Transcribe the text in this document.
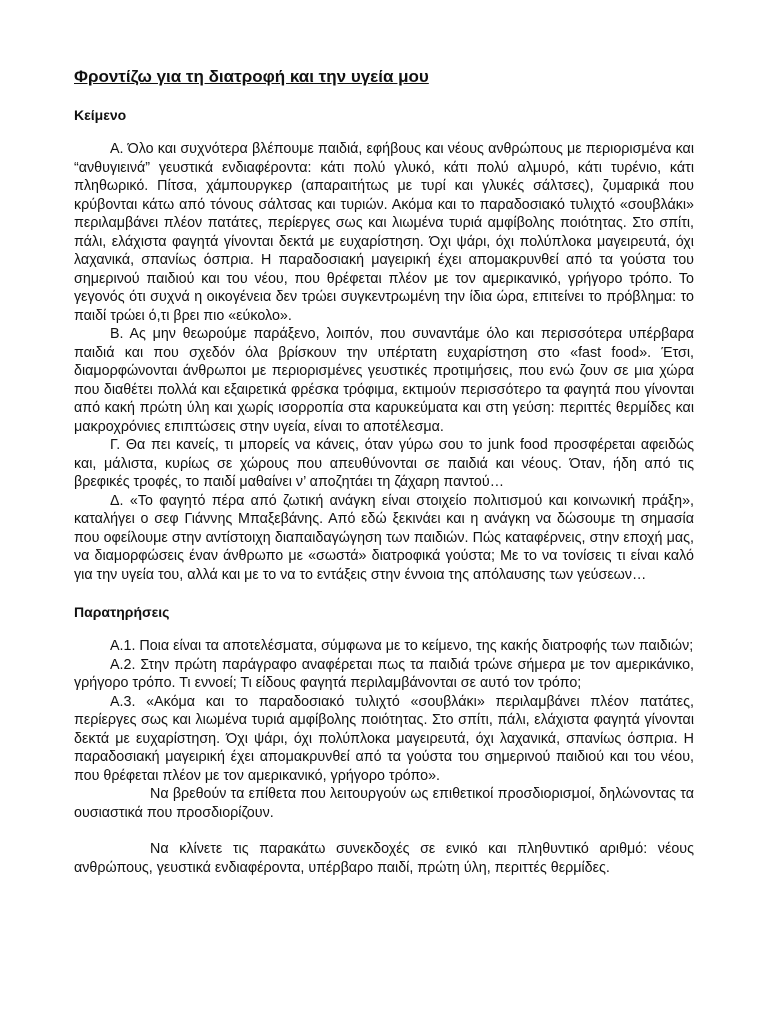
Φροντίζω για τη διατροφή και την υγεία μου
Κείμενο

Α. Όλο και συχνότερα βλέπουμε παιδιά, εφήβους και νέους ανθρώπους με περιορισμένα και “ανθυγιεινά” γευστικά ενδιαφέροντα: κάτι πολύ γλυκό, κάτι πολύ αλμυρό, κάτι τυρένιο, κάτι πληθωρικό. Πίτσα, χάμπουργκερ (απαραιτήτως με τυρί και γλυκές σάλτσες), ζυμαρικά που κρύβονται κάτω από τόνους σάλτσας και τυριών. Ακόμα και το παραδοσιακό τυλιχτό «σουβλάκι» περιλαμβάνει πλέον πατάτες, περίεργες σως και λιωμένα τυριά αμφίβολης ποιότητας. Στο σπίτι, πάλι, ελάχιστα φαγητά γίνονται δεκτά με ευχαρίστηση. Όχι ψάρι, όχι πολύπλοκα μαγειρευτά, όχι λαχανικά, σπανίως όσπρια. Η παραδοσιακή μαγειρική έχει απομακρυνθεί από τα γούστα του σημερινού παιδιού και του νέου, που θρέφεται πλέον με τον αμερικανικό, γρήγορο τρόπο. Το γεγονός ότι συχνά η οικογένεια δεν τρώει συγκεντρωμένη την ίδια ώρα, επιτείνει το πρόβλημα: το παιδί τρώει ό,τι βρει πιο «εύκολο».

Β. Ας μην θεωρούμε παράξενο, λοιπόν, που συναντάμε όλο και περισσότερα υπέρβαρα παιδιά και που σχεδόν όλα βρίσκουν την υπέρτατη ευχαρίστηση στο «fast food». Έτσι, διαμορφώνονται άνθρωποι με περιορισμένες γευστικές προτιμήσεις, που ενώ ζουν σε μια χώρα που διαθέτει πολλά και εξαιρετικά φρέσκα τρόφιμα, εκτιμούν περισσότερο τα φαγητά που γίνονται από κακή πρώτη ύλη και χωρίς ισορροπία στα καρυκεύματα και στη γεύση: περιττές θερμίδες και μακροχρόνιες επιπτώσεις στην υγεία, είναι το αποτέλεσμα.

Γ. Θα πει κανείς, τι μπορείς να κάνεις, όταν γύρω σου το junk food προσφέρεται αφειδώς και, μάλιστα, κυρίως σε χώρους που απευθύνονται σε παιδιά και νέους. Όταν, ήδη από τις βρεφικές τροφές, το παιδί μαθαίνει ν’ αποζητάει τη ζάχαρη παντού…

Δ. «Το φαγητό πέρα από ζωτική ανάγκη είναι στοιχείο πολιτισμού και κοινωνική πράξη», καταλήγει ο σεφ Γιάννης Μπαξεβάνης. Από εδώ ξεκινάει και η ανάγκη να δώσουμε τη σημασία που οφείλουμε στην αντίστοιχη διαπαιδαγώγηση των παιδιών. Πώς καταφέρνεις, στην εποχή μας, να διαμορφώσεις έναν άνθρωπο με «σωστά» διατροφικά γούστα; Με το να τονίσεις τι είναι καλό για την υγεία του, αλλά και με το να το εντάξεις στην έννοια της απόλαυσης των γεύσεων…

Παρατηρήσεις

Α.1. Ποια είναι τα αποτελέσματα, σύμφωνα με το κείμενο, της κακής διατροφής των παιδιών;

Α.2. Στην πρώτη παράγραφο αναφέρεται πως τα παιδιά τρώνε σήμερα με τον αμερικάνικο, γρήγορο τρόπο. Τι εννοεί; Τι είδους φαγητά περιλαμβάνονται σε αυτό τον τρόπο;

Α.3. «Ακόμα και το παραδοσιακό τυλιχτό «σουβλάκι» περιλαμβάνει πλέον πατάτες, περίεργες σως και λιωμένα τυριά αμφίβολης ποιότητας. Στο σπίτι, πάλι, ελάχιστα φαγητά γίνονται δεκτά με ευχαρίστηση. Όχι ψάρι, όχι πολύπλοκα μαγειρευτά, όχι λαχανικά, σπανίως όσπρια. Η παραδοσιακή μαγειρική έχει απομακρυνθεί από τα γούστα του σημερινού παιδιού και του νέου, που θρέφεται πλέον με τον αμερικανικό, γρήγορο τρόπο».

Να βρεθούν τα επίθετα που λειτουργούν ως επιθετικοί προσδιορισμοί, δηλώνοντας τα ουσιαστικά που προσδιορίζουν.

Να κλίνετε τις παρακάτω συνεκδοχές σε ενικό και πληθυντικό αριθμό: νέους ανθρώπους, γευστικά ενδιαφέροντα, υπέρβαρο παιδί, πρώτη ύλη, περιττές θερμίδες.
